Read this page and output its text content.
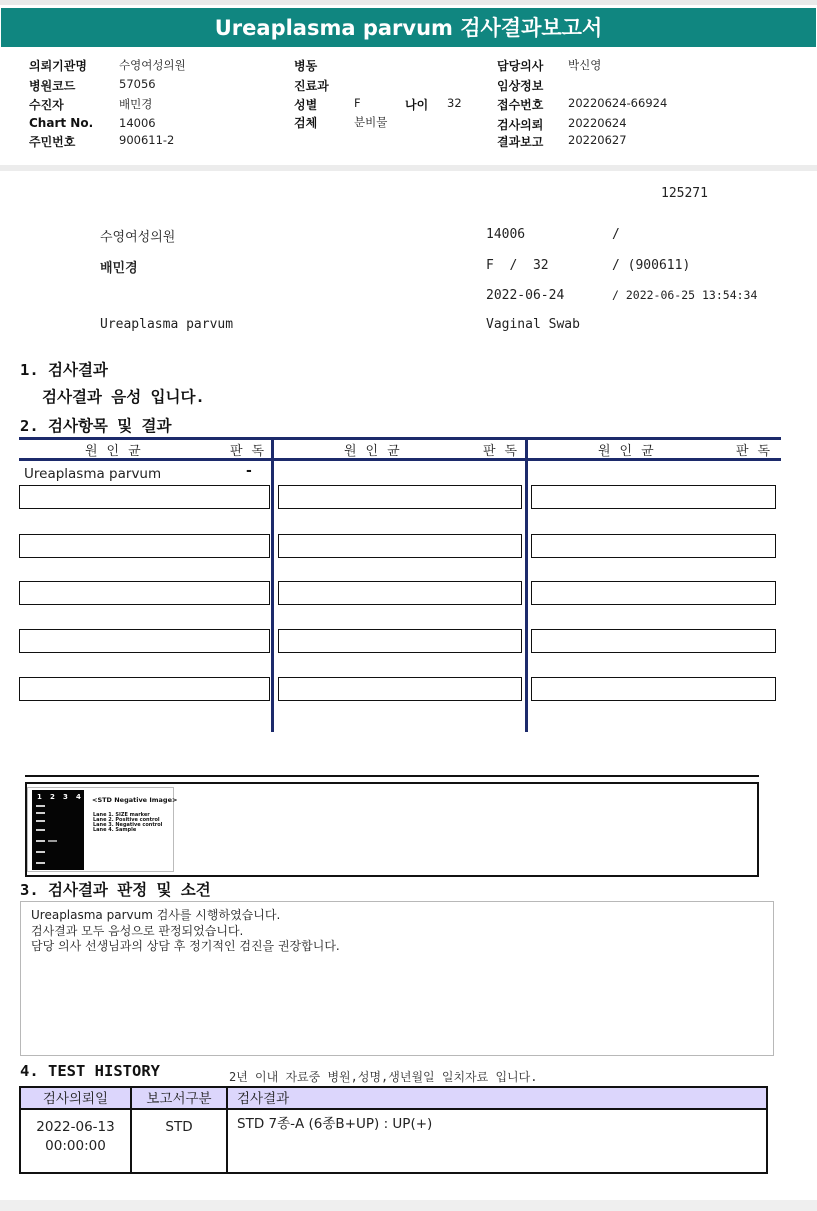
Ureaplasma parvum 검사결과보고서
의뢰기관명	수영여성의원
병원코드	57056
수진자	배민경
Chart No. 14006
주민번호	900611-2
병동
진료과
성별	F	나이 32
검체	분비물
담당의사 박신영
임상정보
접수번호 20220624-66924
검사의뢰 20220624
결과보고 20220627
125271
수영여성의원	14006	/
배민경	F  /  32	/ (900611)
2022-06-24	/ 2022-06-25 13:54:34
Ureaplasma parvum	Vaginal Swab
1. 검사결과
검사결과 음성 입니다.
2. 검사항목 및 결과
원인균	판독	원인균	판독	원인균	판독
Ureaplasma parvum	-
1 2 3 4 <STD Negative Image>
Lane 1. SIZE marker
Lane 2. Positive control
Lane 3. Negative control
Lane 4. Sample
3. 검사결과 판정 및 소견
Ureaplasma parvum 검사를 시행하였습니다.
검사결과 모두 음성으로 판정되었습니다.
담당 의사 선생님과의 상담 후 정기적인 검진을 권장합니다.
4. TEST HISTORY	2년 이내 자료중 병원,성명,생년월일 일치자료 입니다.
검사의뢰일	보고서구분	검사결과
2022-06-13
00:00:00
STD	STD 7종-A (6종B+UP) : UP(+)
